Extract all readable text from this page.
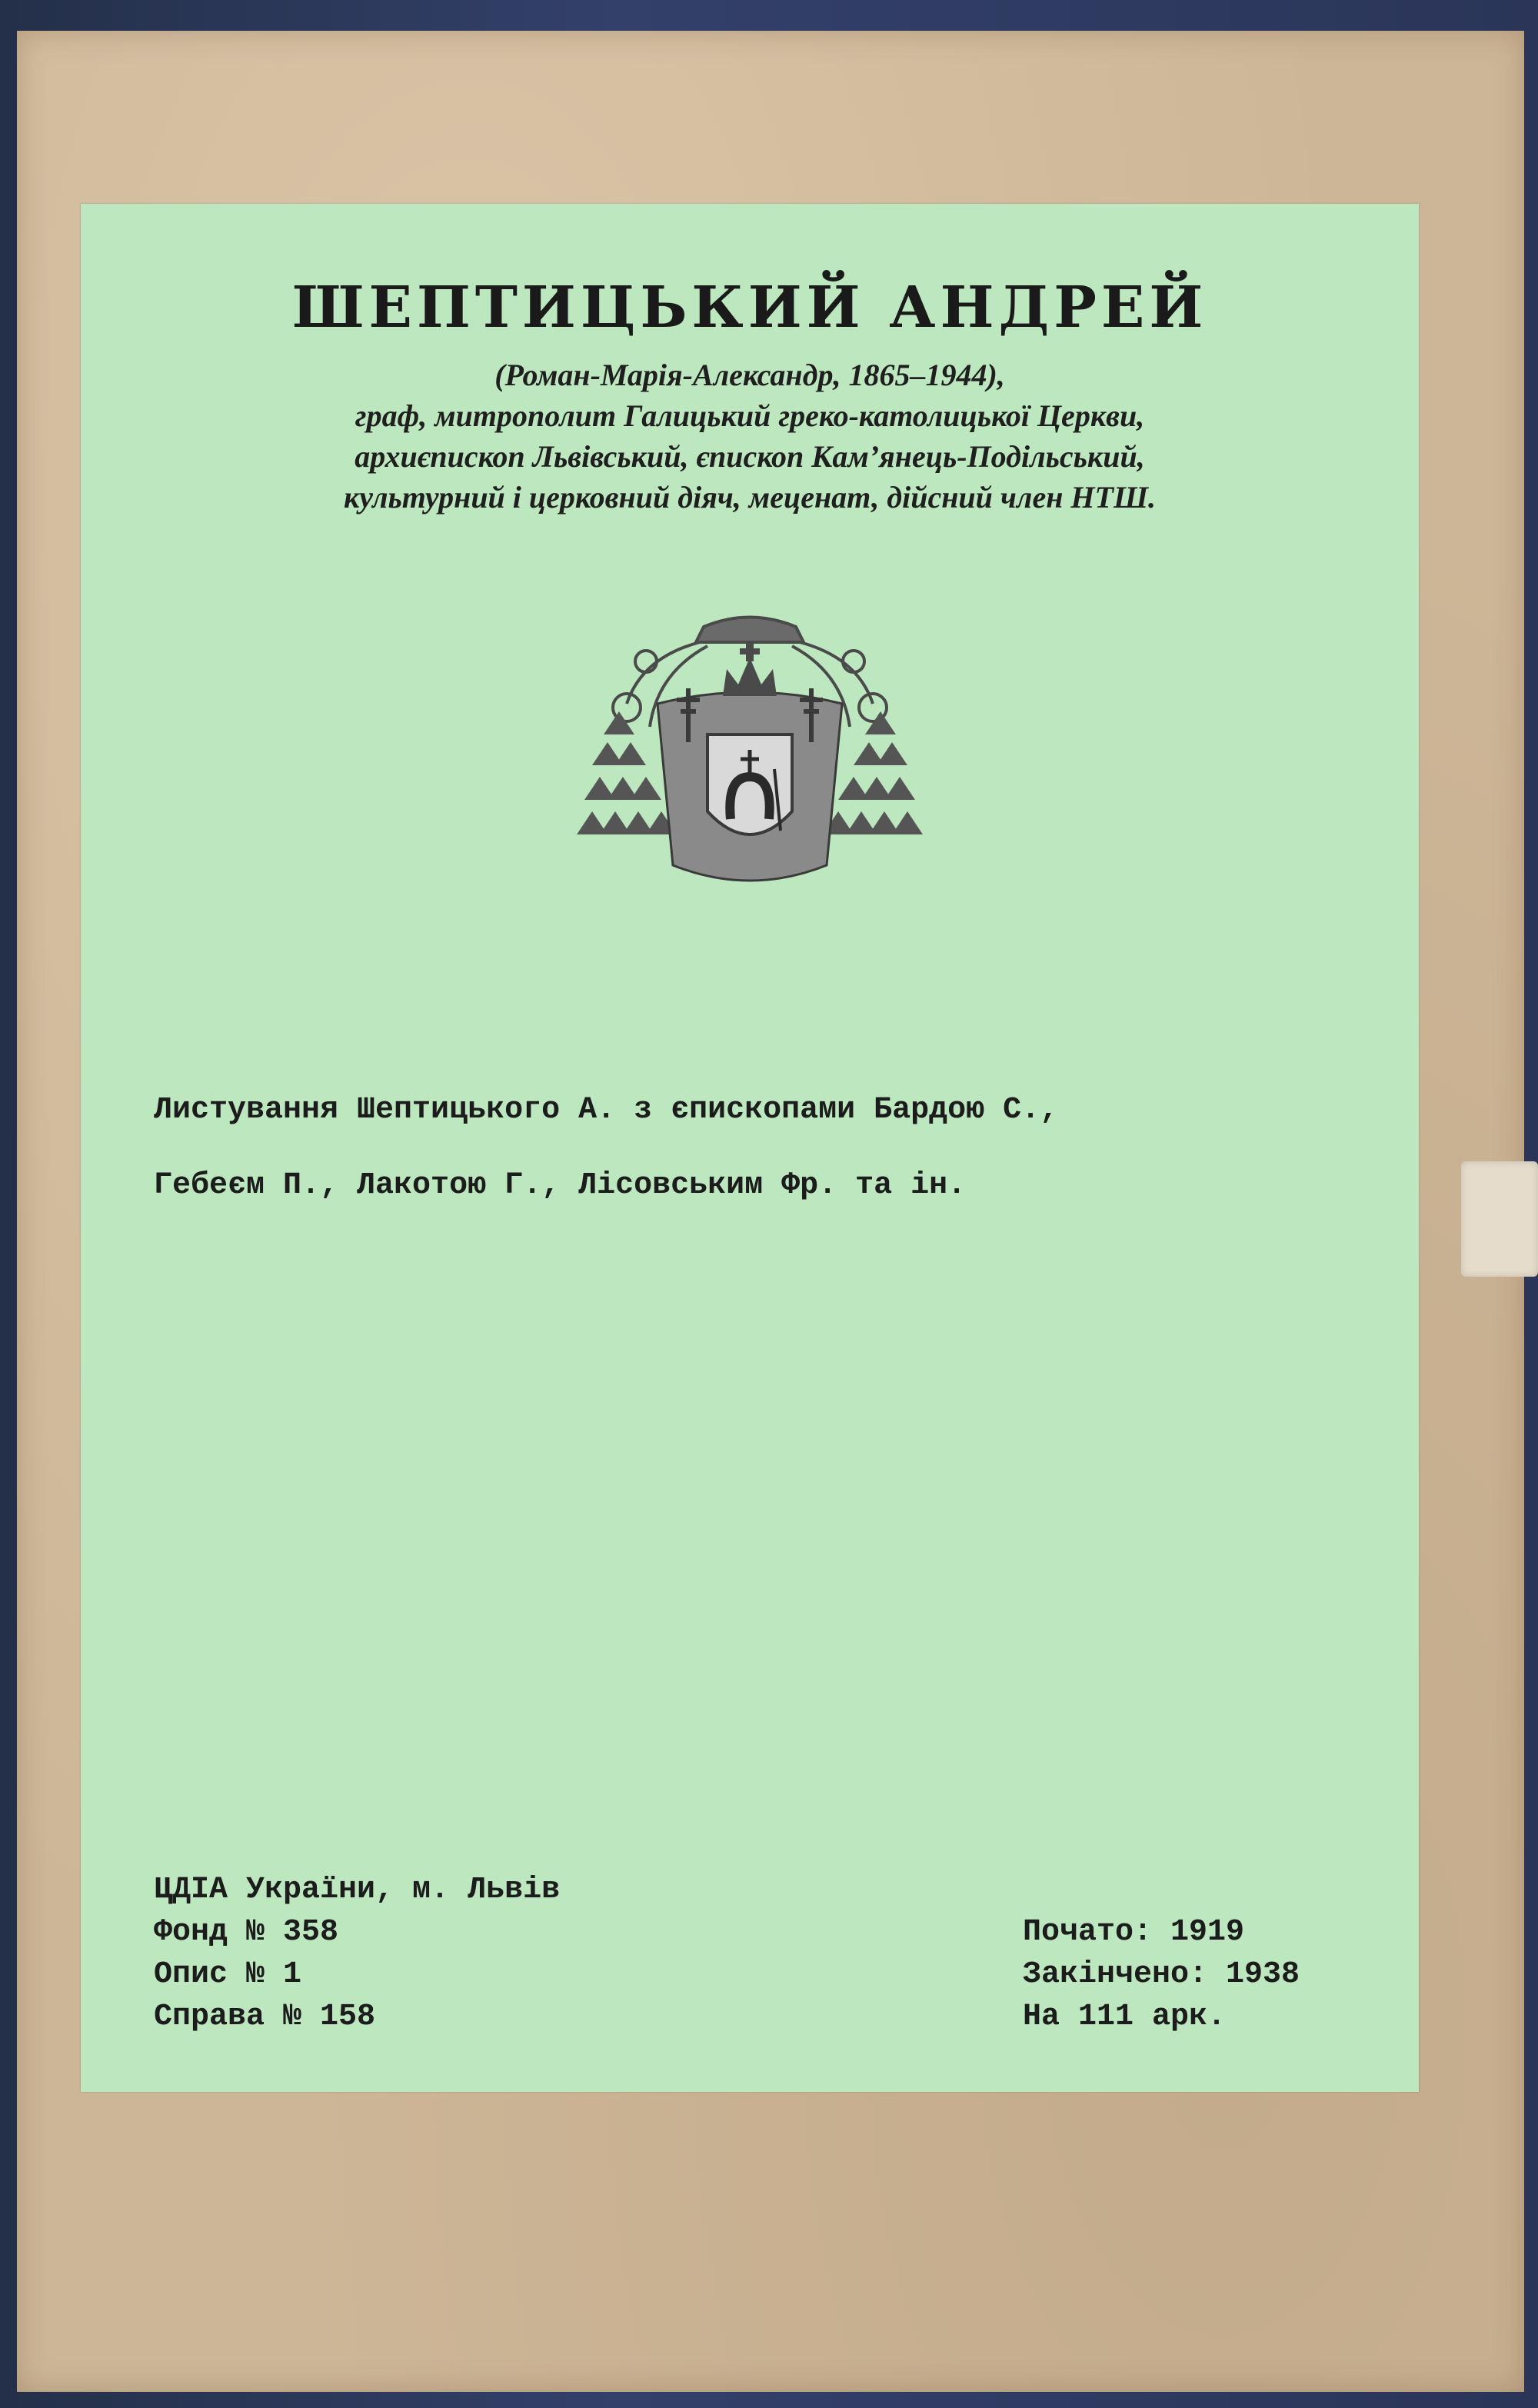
ШЕПТИЦЬКИЙ АНДРЕЙ
(Роман-Марія-Александр, 1865–1944),
граф, митрополит Галицький греко-католицької Церкви,
архиєпископ Львівський, єпископ Кам’янець-Подільський,
культурний і церковний діяч, меценат, дійсний член НТШ.
Листування Шептицького А. з єпископами Бардою С.,
Гебеєм П., Лакотою Г., Лісовським Фр. та ін.
ЦДІА України, м. Львів
Фонд № 358
Опис № 1
Справа № 158
Почато: 1919
Закінчено: 1938
На 111 арк.
